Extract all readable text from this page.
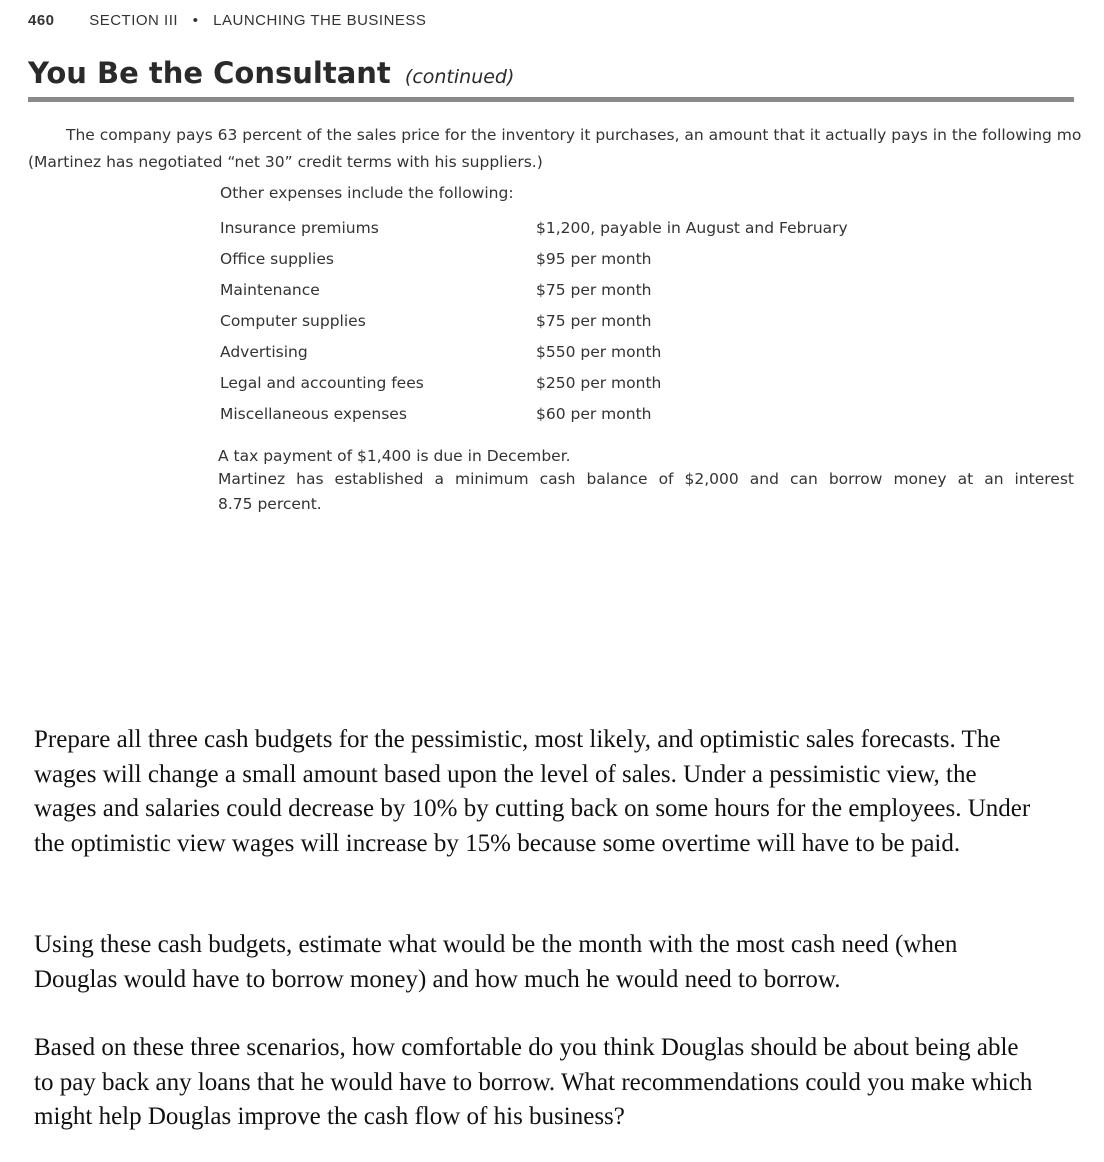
460 SECTION III • LAUNCHING THE BUSINESS
You Be the Consultant (continued)
The company pays 63 percent of the sales price for the inventory it purchases, an amount that it actually pays in the following mo
(Martinez has negotiated “net 30” credit terms with his suppliers.)
Other expenses include the following:
Insurance premiums	$1,200, payable in August and February
Office supplies	$95 per month
Maintenance	$75 per month
Computer supplies	$75 per month
Advertising	$550 per month
Legal and accounting fees	$250 per month
Miscellaneous expenses	$60 per month
A tax payment of $1,400 is due in December.
Martinez has established a minimum cash balance of $2,000 and can borrow money at an interest
8.75 percent.
Prepare all three cash budgets for the pessimistic, most likely, and optimistic sales forecasts. The wages will change a small amount based upon the level of sales. Under a pessimistic view, the wages and salaries could decrease by 10% by cutting back on some hours for the employees. Under the optimistic view wages will increase by 15% because some overtime will have to be paid.
Using these cash budgets, estimate what would be the month with the most cash need (when Douglas would have to borrow money) and how much he would need to borrow.
Based on these three scenarios, how comfortable do you think Douglas should be about being able to pay back any loans that he would have to borrow. What recommendations could you make which might help Douglas improve the cash flow of his business?
